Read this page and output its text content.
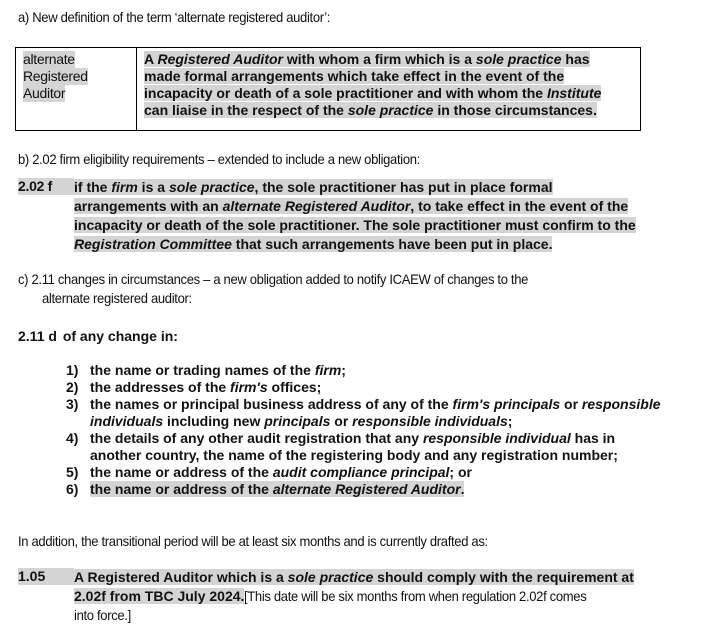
a) New definition of the term ‘alternate registered auditor’:
alternate
Registered
Auditor
A Registered Auditor with whom a firm which is a sole practice has
made formal arrangements which take effect in the event of the
incapacity or death of a sole practitioner and with whom the Institute
can liaise in the respect of the sole practice in those circumstances.
b) 2.02 firm eligibility requirements – extended to include a new obligation:
2.02 f	if the firm is a sole practice, the sole practitioner has put in place formal
arrangements with an alternate Registered Auditor, to take effect in the event of the
incapacity or death of the sole practitioner. The sole practitioner must confirm to the
Registration Committee that such arrangements have been put in place.
c) 2.11 changes in circumstances – a new obligation added to notify ICAEW of changes to the
alternate registered auditor:
2.11 d of any change in:
1) the name or trading names of the firm;
2) the addresses of the firm's offices;
3) the names or principal business address of any of the firm's principals or responsible
individuals including new principals or responsible individuals;
4) the details of any other audit registration that any responsible individual has in
another country, the name of the registering body and any registration number;
5) the name or address of the audit compliance principal; or
6) the name or address of the alternate Registered Auditor.
In addition, the transitional period will be at least six months and is currently drafted as:
1.05	A Registered Auditor which is a sole practice should comply with the requirement at
2.02f from TBC July 2024.[This date will be six months from when regulation 2.02f comes
into force.]
